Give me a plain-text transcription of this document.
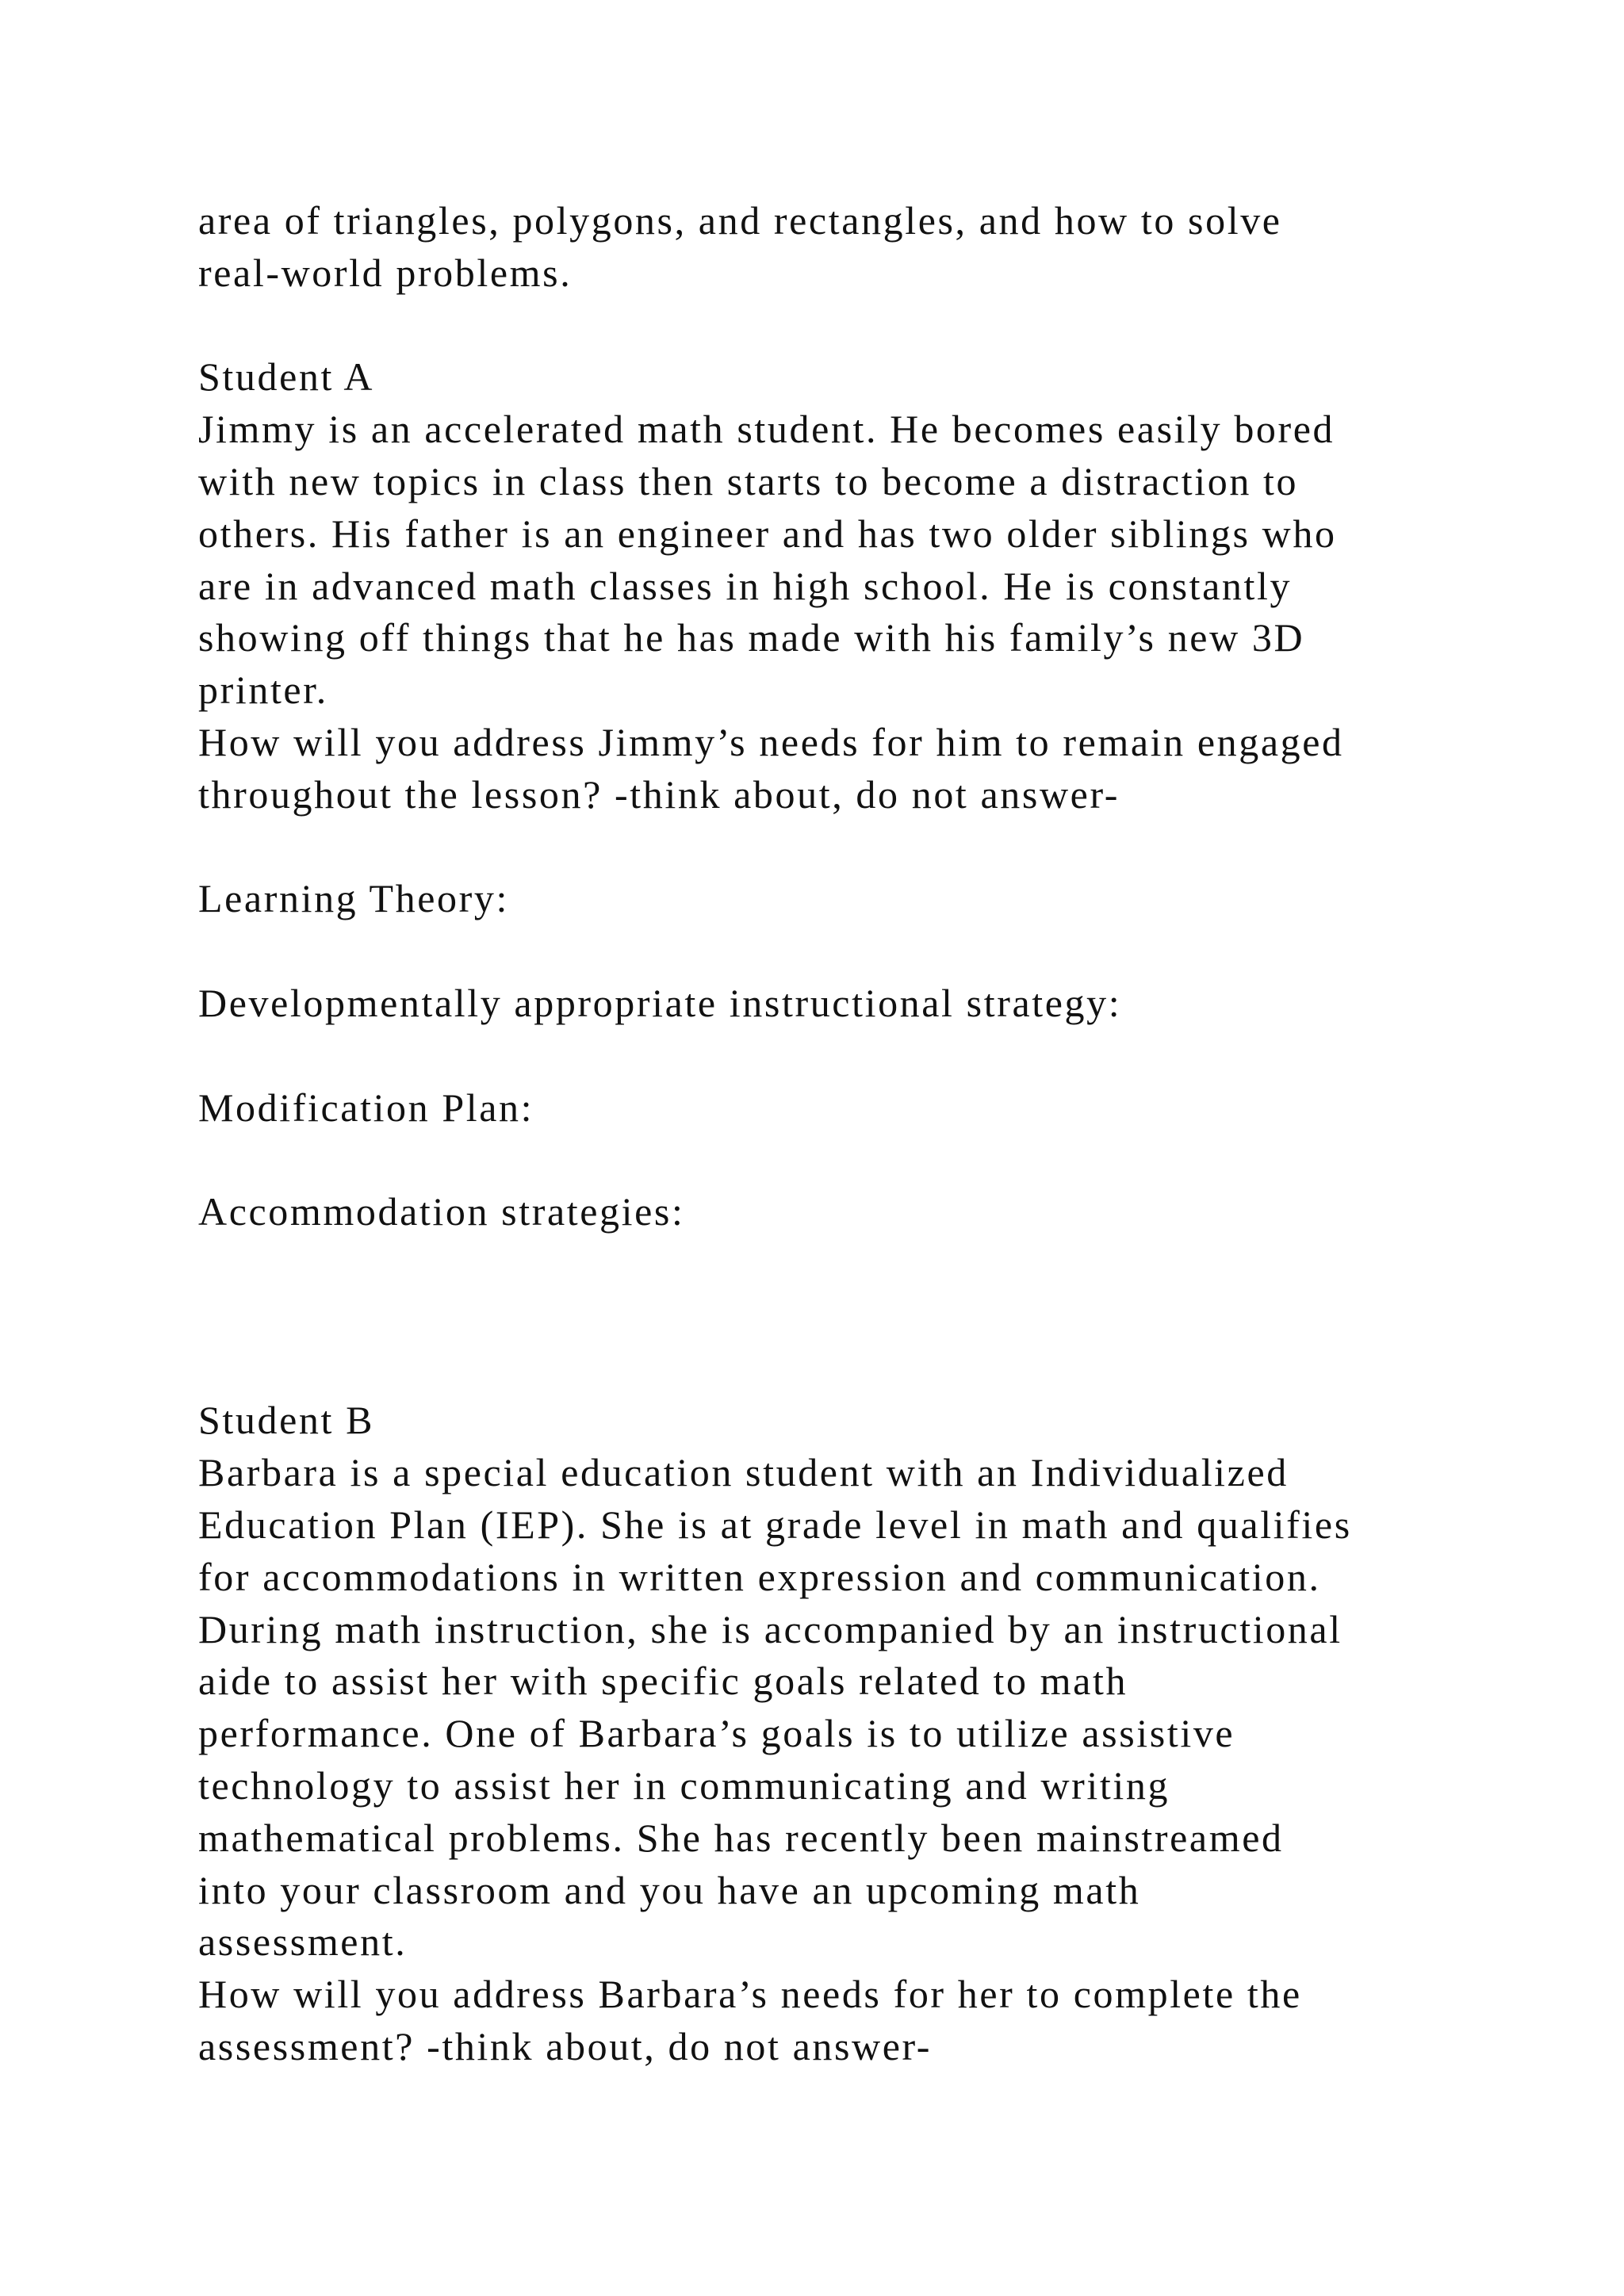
area of triangles, polygons, and rectangles, and how to solve
real-world problems.
Student A
Jimmy is an accelerated math student. He becomes easily bored
with new topics in class then starts to become a distraction to
others. His father is an engineer and has two older siblings who
are in advanced math classes in high school. He is constantly
showing off things that he has made with his family’s new 3D
printer.
How will you address Jimmy’s needs for him to remain engaged
throughout the lesson? -think about, do not answer-
Learning Theory:
Developmentally appropriate instructional strategy:
Modification Plan:
Accommodation strategies:
Student B
Barbara is a special education student with an Individualized
Education Plan (IEP). She is at grade level in math and qualifies
for accommodations in written expression and communication.
During math instruction, she is accompanied by an instructional
aide to assist her with specific goals related to math
performance. One of Barbara’s goals is to utilize assistive
technology to assist her in communicating and writing
mathematical problems. She has recently been mainstreamed
into your classroom and you have an upcoming math
assessment.
How will you address Barbara’s needs for her to complete the
assessment? -think about, do not answer-
